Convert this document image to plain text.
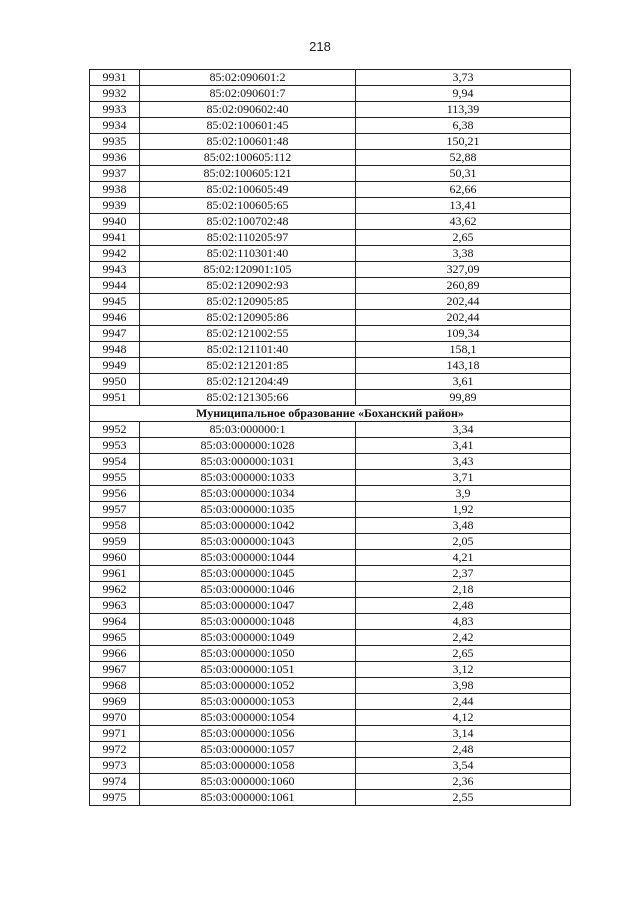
218
9931	85:02:090601:2	3,73
9932	85:02:090601:7	9,94
9933	85:02:090602:40	113,39
9934	85:02:100601:45	6,38
9935	85:02:100601:48	150,21
9936	85:02:100605:112	52,88
9937	85:02:100605:121	50,31
9938	85:02:100605:49	62,66
9939	85:02:100605:65	13,41
9940	85:02:100702:48	43,62
9941	85:02:110205:97	2,65
9942	85:02:110301:40	3,38
9943	85:02:120901:105	327,09
9944	85:02:120902:93	260,89
9945	85:02:120905:85	202,44
9946	85:02:120905:86	202,44
9947	85:02:121002:55	109,34
9948	85:02:121101:40	158,1
9949	85:02:121201:85	143,18
9950	85:02:121204:49	3,61
9951	85:02:121305:66	99,89
Муниципальное образование «Боханский район»		
9952	85:03:000000:1	3,34
9953	85:03:000000:1028	3,41
9954	85:03:000000:1031	3,43
9955	85:03:000000:1033	3,71
9956	85:03:000000:1034	3,9
9957	85:03:000000:1035	1,92
9958	85:03:000000:1042	3,48
9959	85:03:000000:1043	2,05
9960	85:03:000000:1044	4,21
9961	85:03:000000:1045	2,37
9962	85:03:000000:1046	2,18
9963	85:03:000000:1047	2,48
9964	85:03:000000:1048	4,83
9965	85:03:000000:1049	2,42
9966	85:03:000000:1050	2,65
9967	85:03:000000:1051	3,12
9968	85:03:000000:1052	3,98
9969	85:03:000000:1053	2,44
9970	85:03:000000:1054	4,12
9971	85:03:000000:1056	3,14
9972	85:03:000000:1057	2,48
9973	85:03:000000:1058	3,54
9974	85:03:000000:1060	2,36
9975	85:03:000000:1061	2,55
